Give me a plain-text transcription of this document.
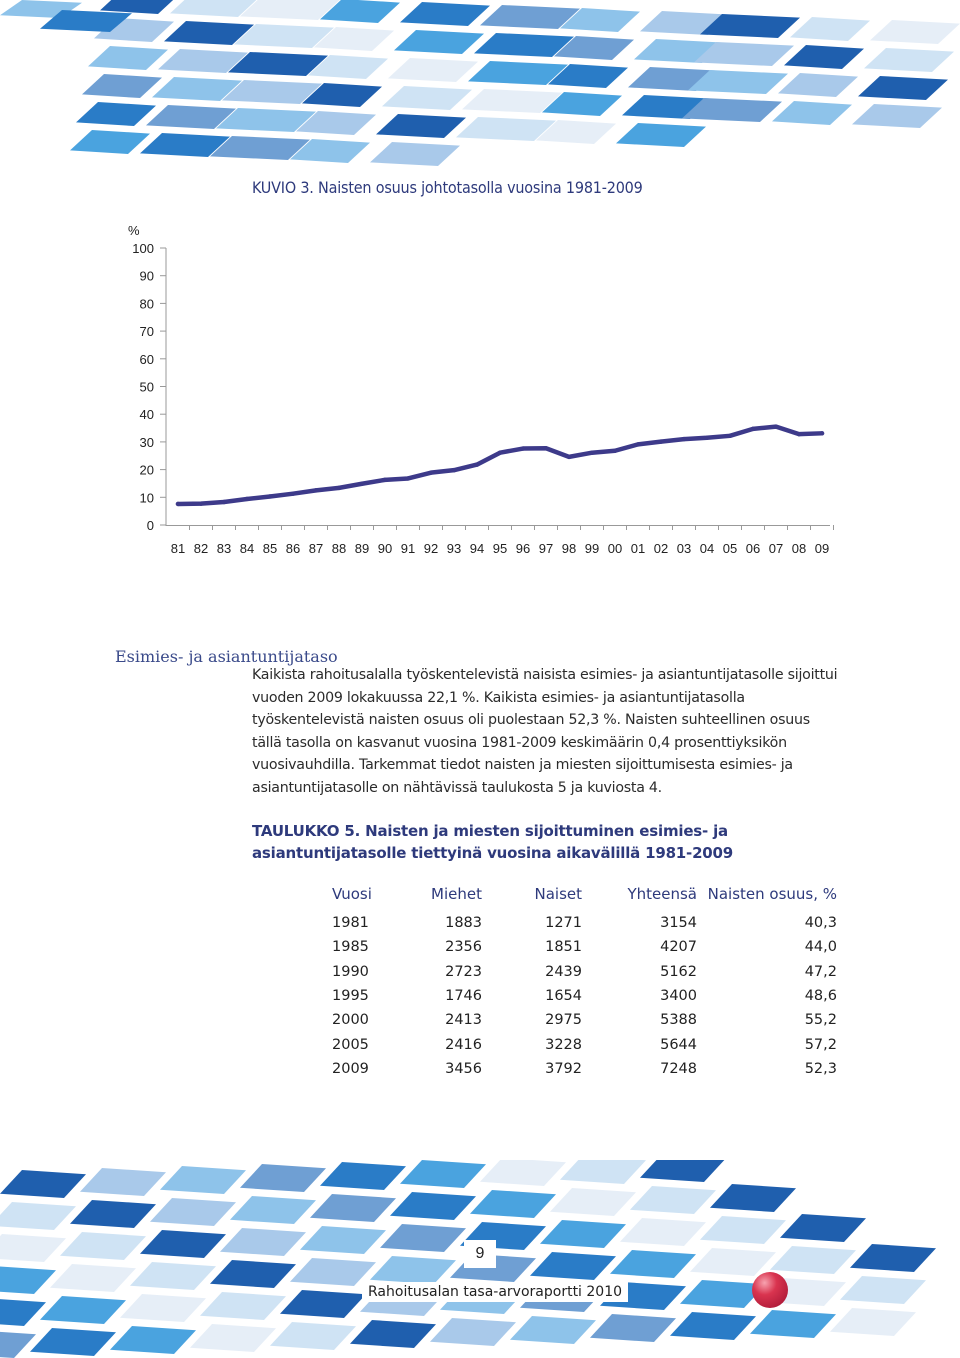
KUVIO 3. Naisten osuus johtotasolla vuosina 1981-2009
%
0
10
20
30
40
50
60
70
80
90
100
81 82 83 84 85 86 87 88 89 90 91 92 93 94 95 96 97 98 99 00 01 02 03 04 05 06 07 08 09
Esimies- ja asiantuntijataso

Kaikista rahoitusalalla työskentelevistä naisista esimies- ja asiantuntijatasolle sijoittui vuoden 2009 lokakuussa 22,1 %. Kaikista esimies- ja asiantuntijatasolla työskentelevistä naisten osuus oli puolestaan 52,3 %. Naisten suhteellinen osuus tällä tasolla on kasvanut vuosina 1981-2009 keskimäärin 0,4 prosenttiyksikön vuosivauhdilla. Tarkemmat tiedot naisten ja miesten sijoittumisesta esimies- ja asiantuntijatasolle on nähtävissä taulukosta 5 ja kuviosta 4.

TAULUKKO 5. Naisten ja miesten sijoittuminen esimies- ja asiantuntijatasolle tiettyinä vuosina aikavälillä 1981-2009
Vuosi	Miehet	Naiset	Yhteensä	Naisten osuus, %
1981	1883	1271	3154	40,3
1985	2356	1851	4207	44,0
1990	2723	2439	5162	47,2
1995	1746	1654	3400	48,6
2000	2413	2975	5388	55,2
2005	2416	3228	5644	57,2
2009	3456	3792	7248	52,3
9
Rahoitusalan tasa-arvoraportti 2010
